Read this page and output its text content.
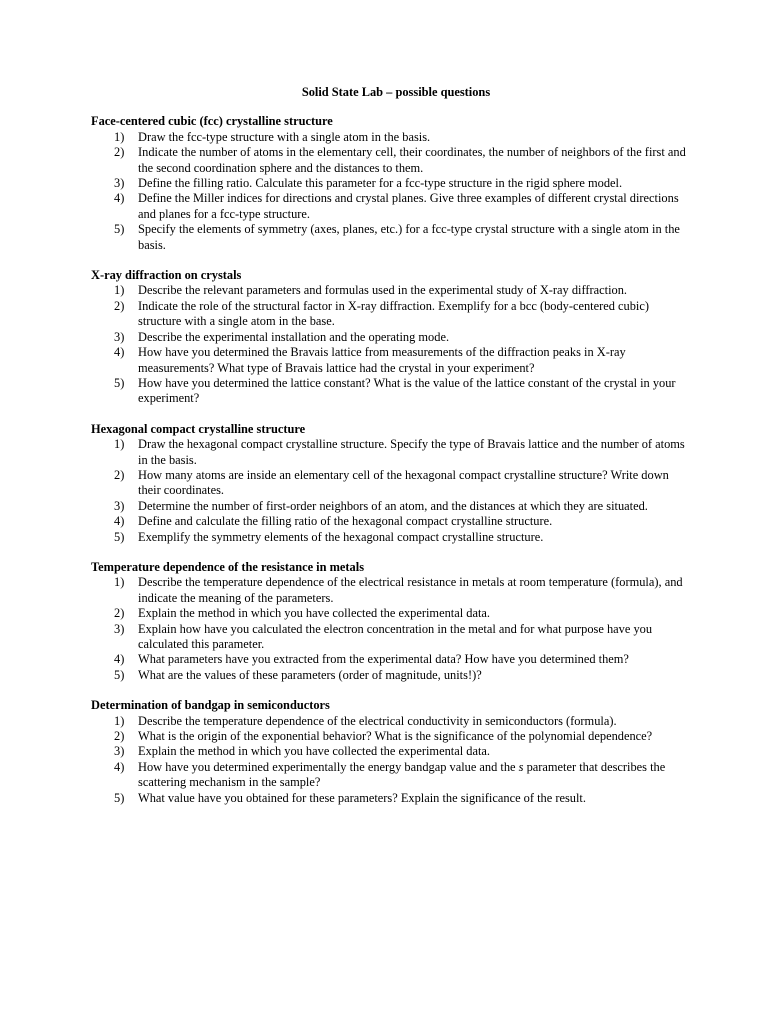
Solid State Lab – possible questions
Face-centered cubic (fcc) crystalline structure
1) Draw the fcc-type structure with a single atom in the basis.
2) Indicate the number of atoms in the elementary cell, their coordinates, the number of neighbors of the first and the second coordination sphere and the distances to them.
3) Define the filling ratio. Calculate this parameter for a fcc-type structure in the rigid sphere model.
4) Define the Miller indices for directions and crystal planes. Give three examples of different crystal directions and planes for a fcc-type structure.
5) Specify the elements of symmetry (axes, planes, etc.) for a fcc-type crystal structure with a single atom in the basis.
X-ray diffraction on crystals
1) Describe the relevant parameters and formulas used in the experimental study of X-ray diffraction.
2) Indicate the role of the structural factor in X-ray diffraction. Exemplify for a bcc (body-centered cubic) structure with a single atom in the base.
3) Describe the experimental installation and the operating mode.
4) How have you determined the Bravais lattice from measurements of the diffraction peaks in X-ray measurements? What type of Bravais lattice had the crystal in your experiment?
5) How have you determined the lattice constant? What is the value of the lattice constant of the crystal in your experiment?
Hexagonal compact crystalline structure
1) Draw the hexagonal compact crystalline structure. Specify the type of Bravais lattice and the number of atoms in the basis.
2) How many atoms are inside an elementary cell of the hexagonal compact crystalline structure? Write down their coordinates.
3) Determine the number of first-order neighbors of an atom, and the distances at which they are situated.
4) Define and calculate the filling ratio of the hexagonal compact crystalline structure.
5) Exemplify the symmetry elements of the hexagonal compact crystalline structure.
Temperature dependence of the resistance in metals
1) Describe the temperature dependence of the electrical resistance in metals at room temperature (formula), and indicate the meaning of the parameters.
2) Explain the method in which you have collected the experimental data.
3) Explain how have you calculated the electron concentration in the metal and for what purpose have you calculated this parameter.
4) What parameters have you extracted from the experimental data? How have you determined them?
5) What are the values of these parameters (order of magnitude, units!)?
Determination of bandgap in semiconductors
1) Describe the temperature dependence of the electrical conductivity in semiconductors (formula).
2) What is the origin of the exponential behavior? What is the significance of the polynomial dependence?
3) Explain the method in which you have collected the experimental data.
4) How have you determined experimentally the energy bandgap value and the s parameter that describes the scattering mechanism in the sample?
5) What value have you obtained for these parameters? Explain the significance of the result.
